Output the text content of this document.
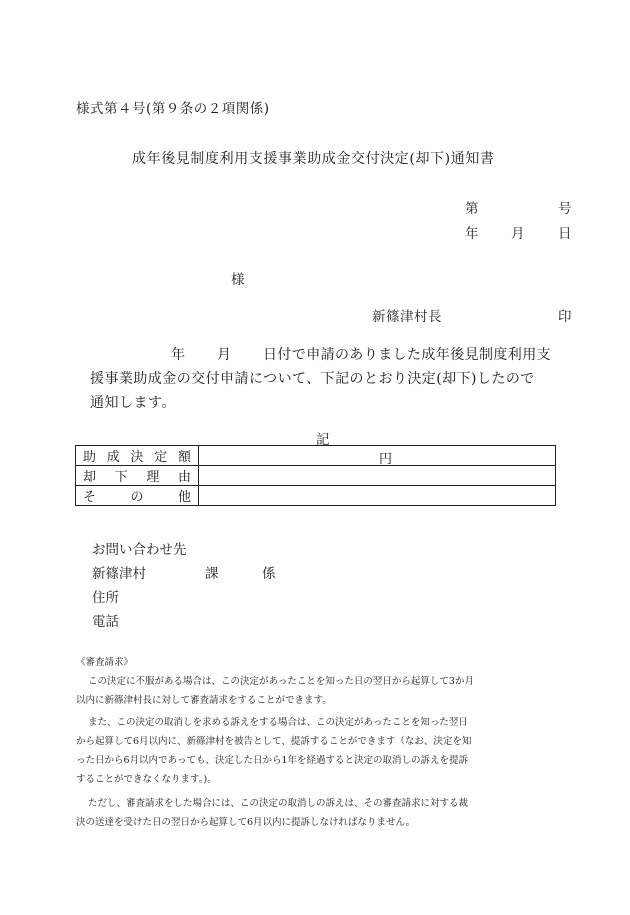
様式第４号(第９条の２項関係)
成年後見制度利用支援事業助成金交付決定(却下)通知書
第	号
年 月 日
様
新篠津村長	印
年 月 日付で申請のありました成年後見制度利用支
援事業助成金の交付申請について、下記のとおり決定(却下)したので
通知します。
記
助成決定額	円

却下理由	
その他	
お問い合わせ先
新篠津村	課	係
住所
電話
《審査請求》
この決定に不服がある場合は、この決定があったことを知った日の翌日から起算して3か月
以内に新篠津村長に対して審査請求をすることができます。
また、この決定の取消しを求める訴えをする場合は、この決定があったことを知った翌日
から起算して6月以内に、新篠津村を被告として、提訴することができます（なお、決定を知
った日から6月以内であっても、決定した日から1年を経過すると決定の取消しの訴えを提訴
することができなくなります。)。
ただし、審査請求をした場合には、この決定の取消しの訴えは、その審査請求に対する裁
決の送達を受けた日の翌日から起算して6月以内に提訴しなければなりません。
